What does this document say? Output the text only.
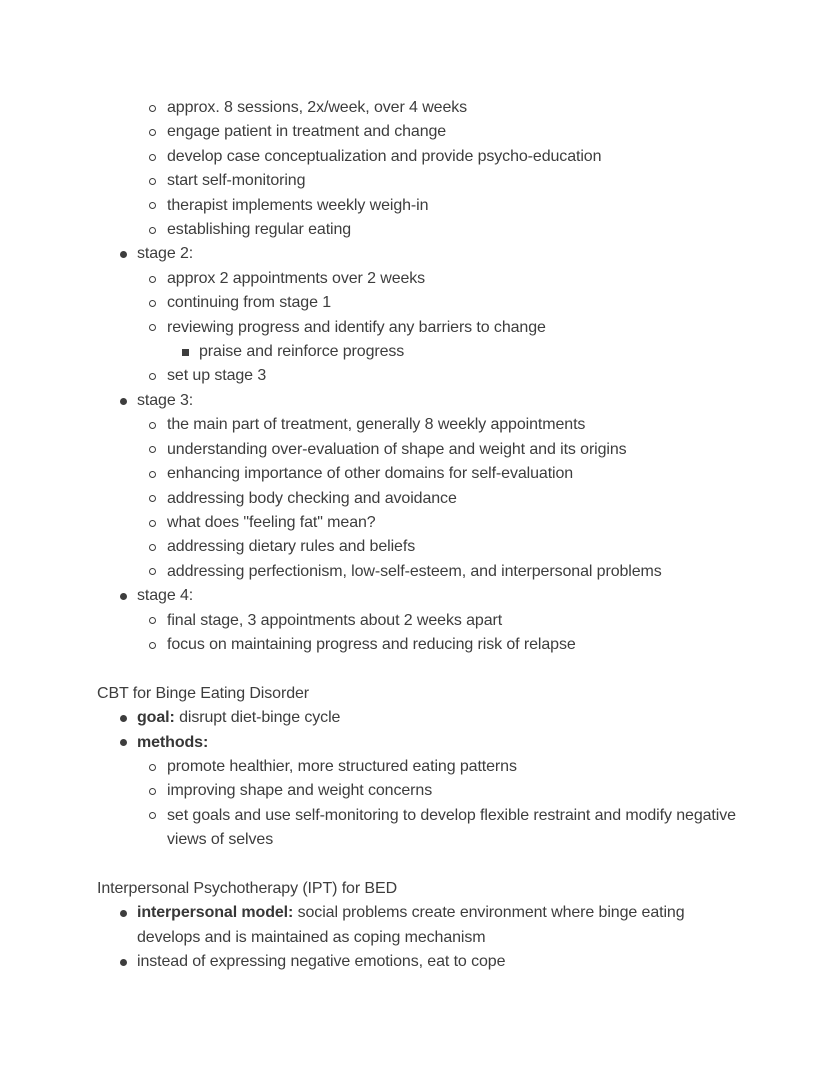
approx. 8 sessions, 2x/week, over 4 weeks
engage patient in treatment and change
develop case conceptualization and provide psycho-education
start self-monitoring
therapist implements weekly weigh-in
establishing regular eating
stage 2:
approx 2 appointments over 2 weeks
continuing from stage 1
reviewing progress and identify any barriers to change
praise and reinforce progress
set up stage 3
stage 3:
the main part of treatment, generally 8 weekly appointments
understanding over-evaluation of shape and weight and its origins
enhancing importance of other domains for self-evaluation
addressing body checking and avoidance
what does "feeling fat" mean?
addressing dietary rules and beliefs
addressing perfectionism, low-self-esteem, and interpersonal problems
stage 4:
final stage, 3 appointments about 2 weeks apart
focus on maintaining progress and reducing risk of relapse
CBT for Binge Eating Disorder
goal: disrupt diet-binge cycle
methods:
promote healthier, more structured eating patterns
improving shape and weight concerns
set goals and use self-monitoring to develop flexible restraint and modify negative views of selves
Interpersonal Psychotherapy (IPT) for BED
interpersonal model: social problems create environment where binge eating develops and is maintained as coping mechanism
instead of expressing negative emotions, eat to cope
